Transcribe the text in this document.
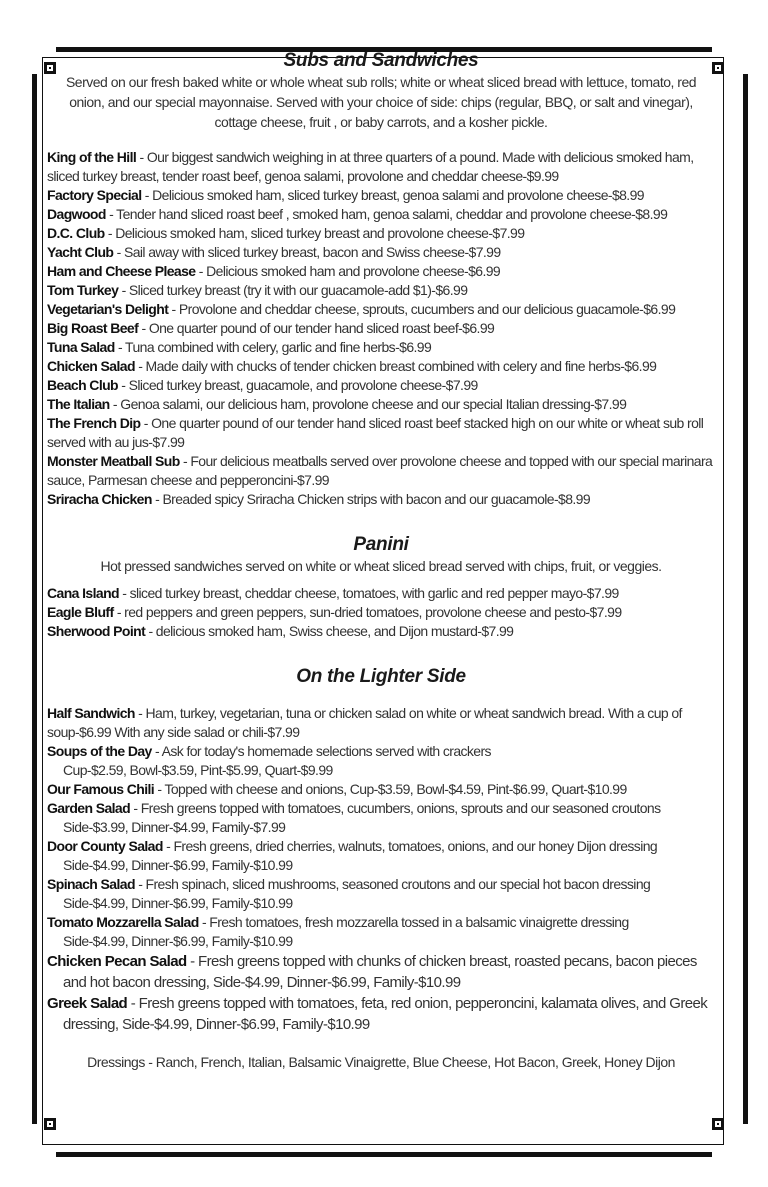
Subs and Sandwiches
Served on our fresh baked white or whole wheat sub rolls; white or wheat sliced bread with lettuce, tomato, red onion, and our special mayonnaise. Served with your choice of side: chips (regular, BBQ, or salt and vinegar), cottage cheese, fruit , or baby carrots, and a kosher pickle.
King of the Hill - Our biggest sandwich weighing in at three quarters of a pound. Made with delicious smoked ham, sliced turkey breast, tender roast beef, genoa salami, provolone and cheddar cheese-$9.99
Factory Special - Delicious smoked ham, sliced turkey breast, genoa salami and provolone cheese-$8.99
Dagwood - Tender hand sliced roast beef , smoked ham, genoa salami, cheddar and provolone cheese-$8.99
D.C. Club - Delicious smoked ham, sliced turkey breast and provolone cheese-$7.99
Yacht Club - Sail away with sliced turkey breast, bacon and Swiss cheese-$7.99
Ham and Cheese Please - Delicious smoked ham and provolone cheese-$6.99
Tom Turkey - Sliced turkey breast (try it with our guacamole-add $1)-$6.99
Vegetarian's Delight - Provolone and cheddar cheese, sprouts, cucumbers and our delicious guacamole-$6.99
Big Roast Beef - One quarter pound of our tender hand sliced roast beef-$6.99
Tuna Salad - Tuna combined with celery, garlic and fine herbs-$6.99
Chicken Salad - Made daily with chucks of tender chicken breast combined with celery and fine herbs-$6.99
Beach Club - Sliced turkey breast, guacamole, and provolone cheese-$7.99
The Italian - Genoa salami, our delicious ham, provolone cheese and our special Italian dressing-$7.99
The French Dip - One quarter pound of our tender hand sliced roast beef stacked high on our white or wheat sub roll served with au jus-$7.99
Monster Meatball Sub - Four delicious meatballs served over provolone cheese and topped with our special marinara sauce, Parmesan cheese and pepperoncini-$7.99
Sriracha Chicken - Breaded spicy Sriracha Chicken strips with bacon and our guacamole-$8.99
Panini
Hot pressed sandwiches served on white or wheat sliced bread served with chips, fruit, or veggies.
Cana Island - sliced turkey breast, cheddar cheese, tomatoes, with garlic and red pepper mayo-$7.99
Eagle Bluff - red peppers and green peppers, sun-dried tomatoes, provolone cheese and pesto-$7.99
Sherwood Point - delicious smoked ham, Swiss cheese, and Dijon mustard-$7.99
On the Lighter Side
Half Sandwich - Ham, turkey, vegetarian, tuna or chicken salad on white or wheat sandwich bread. With a cup of soup-$6.99 With any side salad or chili-$7.99
Soups of the Day - Ask for today's homemade selections served with crackers
Cup-$2.59, Bowl-$3.59, Pint-$5.99, Quart-$9.99
Our Famous Chili - Topped with cheese and onions, Cup-$3.59, Bowl-$4.59, Pint-$6.99, Quart-$10.99
Garden Salad - Fresh greens topped with tomatoes, cucumbers, onions, sprouts and our seasoned croutons
Side-$3.99, Dinner-$4.99, Family-$7.99
Door County Salad - Fresh greens, dried cherries, walnuts, tomatoes, onions, and our honey Dijon dressing
Side-$4.99, Dinner-$6.99, Family-$10.99
Spinach Salad - Fresh spinach, sliced mushrooms, seasoned croutons and our special hot bacon dressing
Side-$4.99, Dinner-$6.99, Family-$10.99
Tomato Mozzarella Salad - Fresh tomatoes, fresh mozzarella tossed in a balsamic vinaigrette dressing
Side-$4.99, Dinner-$6.99, Family-$10.99
Chicken Pecan Salad - Fresh greens topped with chunks of chicken breast, roasted pecans, bacon pieces
and hot bacon dressing, Side-$4.99, Dinner-$6.99, Family-$10.99
Greek Salad - Fresh greens topped with tomatoes, feta, red onion, pepperoncini, kalamata olives, and Greek
dressing, Side-$4.99, Dinner-$6.99, Family-$10.99
Dressings - Ranch, French, Italian, Balsamic Vinaigrette, Blue Cheese, Hot Bacon, Greek, Honey Dijon
